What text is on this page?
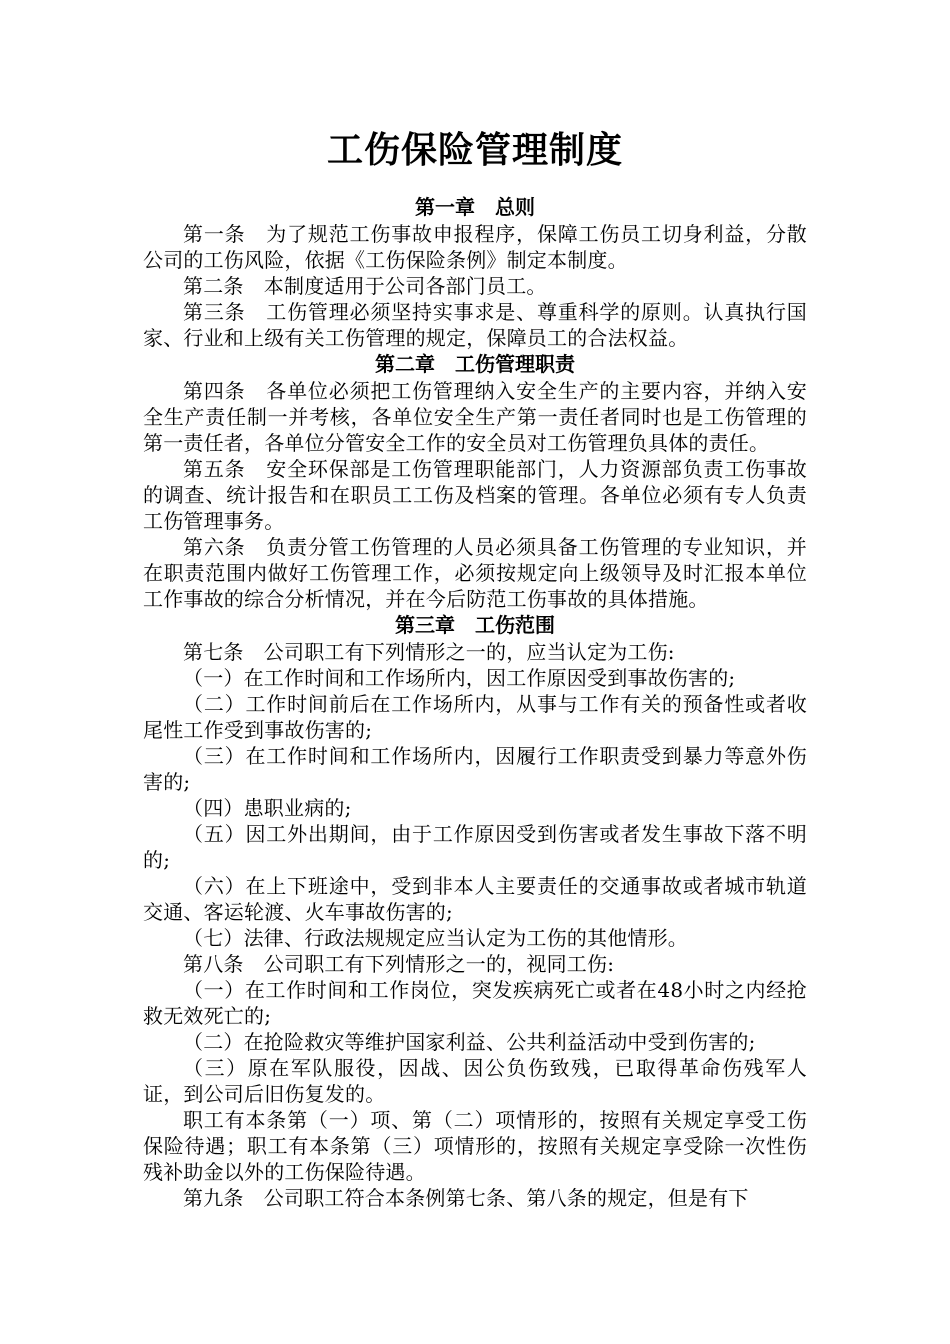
工伤保险管理制度
第一章　总则

第一条　为了规范工伤事故申报程序，保障工伤员工切身利益，分散公司的工伤风险，依据《工伤保险条例》制定本制度。

第二条　本制度适用于公司各部门员工。

第三条　工伤管理必须坚持实事求是、尊重科学的原则。认真执行国家、行业和上级有关工伤管理的规定，保障员工的合法权益。

第二章　工伤管理职责

第四条　各单位必须把工伤管理纳入安全生产的主要内容，并纳入安全生产责任制一并考核，各单位安全生产第一责任者同时也是工伤管理的第一责任者，各单位分管安全工作的安全员对工伤管理负具体的责任。

第五条　安全环保部是工伤管理职能部门，人力资源部负责工伤事故的调查、统计报告和在职员工工伤及档案的管理。各单位必须有专人负责工伤管理事务。

第六条　负责分管工伤管理的人员必须具备工伤管理的专业知识，并在职责范围内做好工伤管理工作，必须按规定向上级领导及时汇报本单位工作事故的综合分析情况，并在今后防范工伤事故的具体措施。

第三章　工伤范围

第七条　公司职工有下列情形之一的，应当认定为工伤:

（一）在工作时间和工作场所内，因工作原因受到事故伤害的;

（二）工作时间前后在工作场所内，从事与工作有关的预备性或者收尾性工作受到事故伤害的;

（三）在工作时间和工作场所内，因履行工作职责受到暴力等意外伤害的;

（四）患职业病的;

（五）因工外出期间，由于工作原因受到伤害或者发生事故下落不明的;

（六）在上下班途中，受到非本人主要责任的交通事故或者城市轨道交通、客运轮渡、火车事故伤害的;

（七）法律、行政法规规定应当认定为工伤的其他情形。

第八条　公司职工有下列情形之一的，视同工伤:

（一）在工作时间和工作岗位，突发疾病死亡或者在48小时之内经抢救无效死亡的;

（二）在抢险救灾等维护国家利益、公共利益活动中受到伤害的;

（三）原在军队服役，因战、因公负伤致残，已取得革命伤残军人证，到公司后旧伤复发的。

职工有本条第（一）项、第（二）项情形的，按照有关规定享受工伤保险待遇；职工有本条第（三）项情形的，按照有关规定享受除一次性伤残补助金以外的工伤保险待遇。

第九条　公司职工符合本条例第七条、第八条的规定，但是有下
